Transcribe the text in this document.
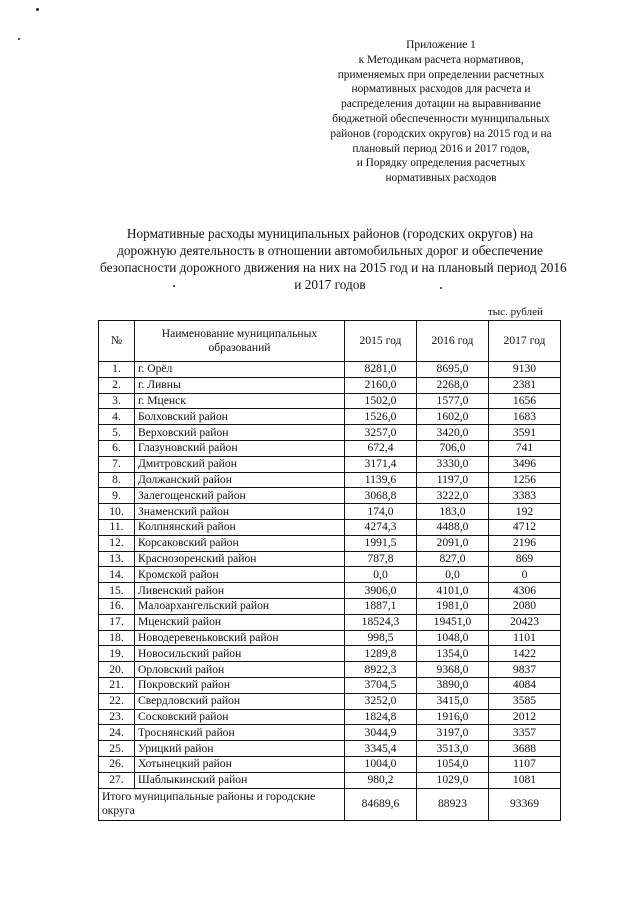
Приложение 1
к Методикам расчета нормативов,
применяемых при определении расчетных
нормативных расходов для расчета и
распределения дотации на выравнивание
бюджетной обеспеченности муниципальных
районов (городских округов) на 2015 год и на
плановый период 2016 и 2017 годов,
и Порядку определения расчетных
нормативных расходов
Нормативные расходы муниципальных районов (городских округов) на
дорожную деятельность в отношении автомобильных дорог и обеспечение
безопасности дорожного движения на них на 2015 год и на плановый период 2016
и 2017 годов
тыс. рублей
№	Наименование муниципальных образований	2015 год	2016 год	2017 год
1.	г. Орёл	8281,0	8695,0	9130
2.	г. Ливны	2160,0	2268,0	2381
3.	г. Мценск	1502,0	1577,0	1656
4.	Болховский район	1526,0	1602,0	1683
5.	Верховский район	3257,0	3420,0	3591
6.	Глазуновский район	672,4	706,0	741
7.	Дмитровский район	3171,4	3330,0	3496
8.	Должанский район	1139,6	1197,0	1256
9.	Залегощенский район	3068,8	3222,0	3383
10.	Знаменский район	174,0	183,0	192
11.	Колпнянский район	4274,3	4488,0	4712
12.	Корсаковский район	1991,5	2091,0	2196
13.	Краснозоренский район	787,8	827,0	869
14.	Кромской район	0,0	0,0	0
15.	Ливенский район	3906,0	4101,0	4306
16.	Малоархангельский район	1887,1	1981,0	2080
17.	Мценский район	18524,3	19451,0	20423
18.	Новодеревеньковский район	998,5	1048,0	1101
19.	Новосильский район	1289,8	1354,0	1422
20.	Орловский район	8922,3	9368,0	9837
21.	Покровский район	3704,5	3890,0	4084
22.	Свердловский район	3252,0	3415,0	3585
23.	Сосковский район	1824,8	1916,0	2012
24.	Троснянский район	3044,9	3197,0	3357
25.	Урицкий район	3345,4	3513,0	3688
26.	Хотынецкий район	1004,0	1054,0	1107
27.	Шаблыкинский район	980,2	1029,0	1081
Итого муниципальные районы и городские округа		84689,6	88923	93369
